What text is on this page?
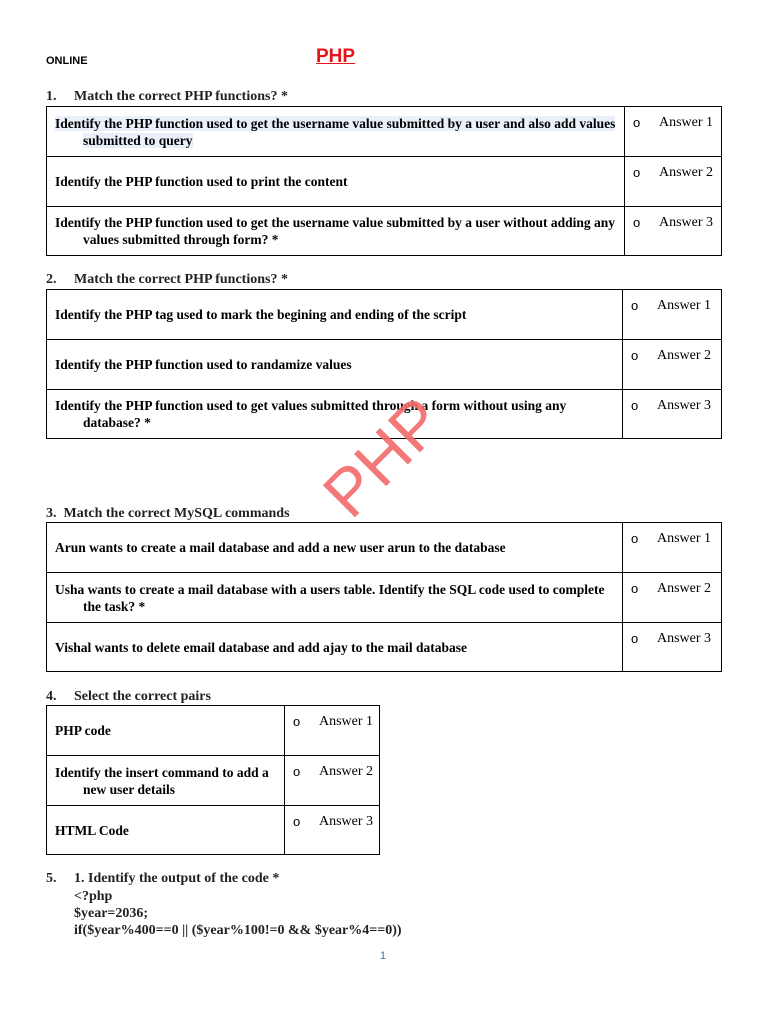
ONLINE	PHP
1. Match the correct PHP functions? *
Identify the PHP function used to get the username value submitted by a user and also add values submitted to query	o Answer 1

Identify the PHP function used to print the content	o Answer 2

Identify the PHP function used to get the username value submitted by a user without adding any values submitted through form? *	o Answer 3
2. Match the correct PHP functions? *
Identify the PHP tag used to mark the begining and ending of the script	o Answer 1

Identify the PHP function used to randamize values	o Answer 2

Identify the PHP function used to get values submitted through a form without using any database? *	o Answer 3
3. Match the correct MySQL commands
Arun wants to create a mail database and add a new user arun to the database	o Answer 1

Usha wants to create a mail database with a users table. Identify the SQL code used to complete the task? *	o Answer 2

Vishal wants to delete email database and add ajay to the mail database	o Answer 3
4. Select the correct pairs
PHP code	o Answer 1

Identify the insert command to add a new user details	o Answer 2

HTML Code	o Answer 3
5. 1. Identify the output of the code *
<?php
$year=2036;
if($year%400==0 || ($year%100!=0 && $year%4==0))
PHP
1
